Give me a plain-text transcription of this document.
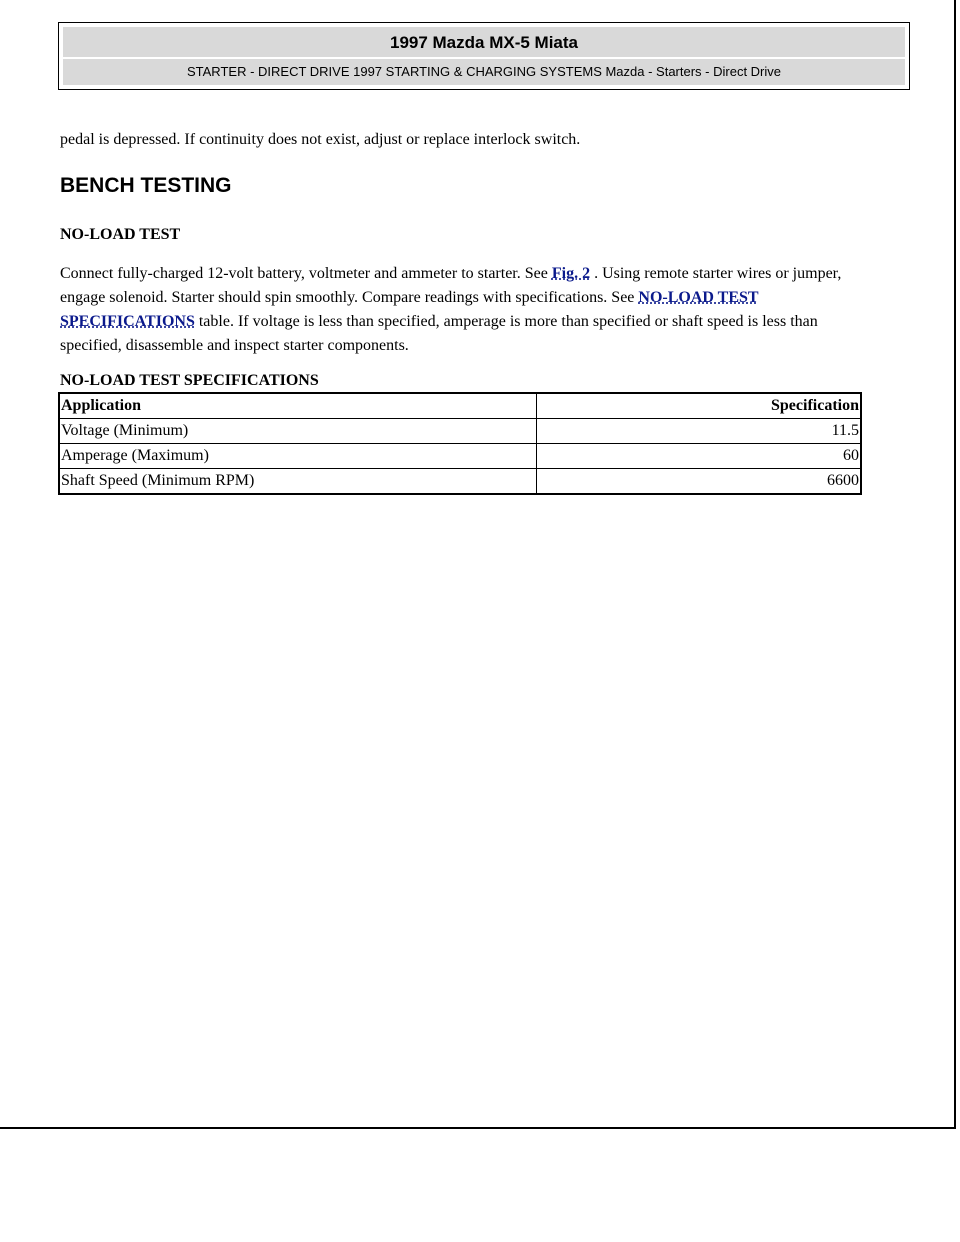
1997 Mazda MX-5 Miata
STARTER - DIRECT DRIVE 1997 STARTING & CHARGING SYSTEMS Mazda - Starters - Direct Drive

pedal is depressed. If continuity does not exist, adjust or replace interlock switch.

BENCH TESTING
NO-LOAD TEST

Connect fully-charged 12-volt battery, voltmeter and ammeter to starter. See Fig. 2 . Using remote starter wires or jumper, engage solenoid. Starter should spin smoothly. Compare readings with specifications. See NO-LOAD TEST SPECIFICATIONS table. If voltage is less than specified, amperage is more than specified or shaft speed is less than specified, disassemble and inspect starter components.

NO-LOAD TEST SPECIFICATIONS

Application	Specification
Voltage (Minimum)	11.5
Amperage (Maximum)	60
Shaft Speed (Minimum RPM)	6600
